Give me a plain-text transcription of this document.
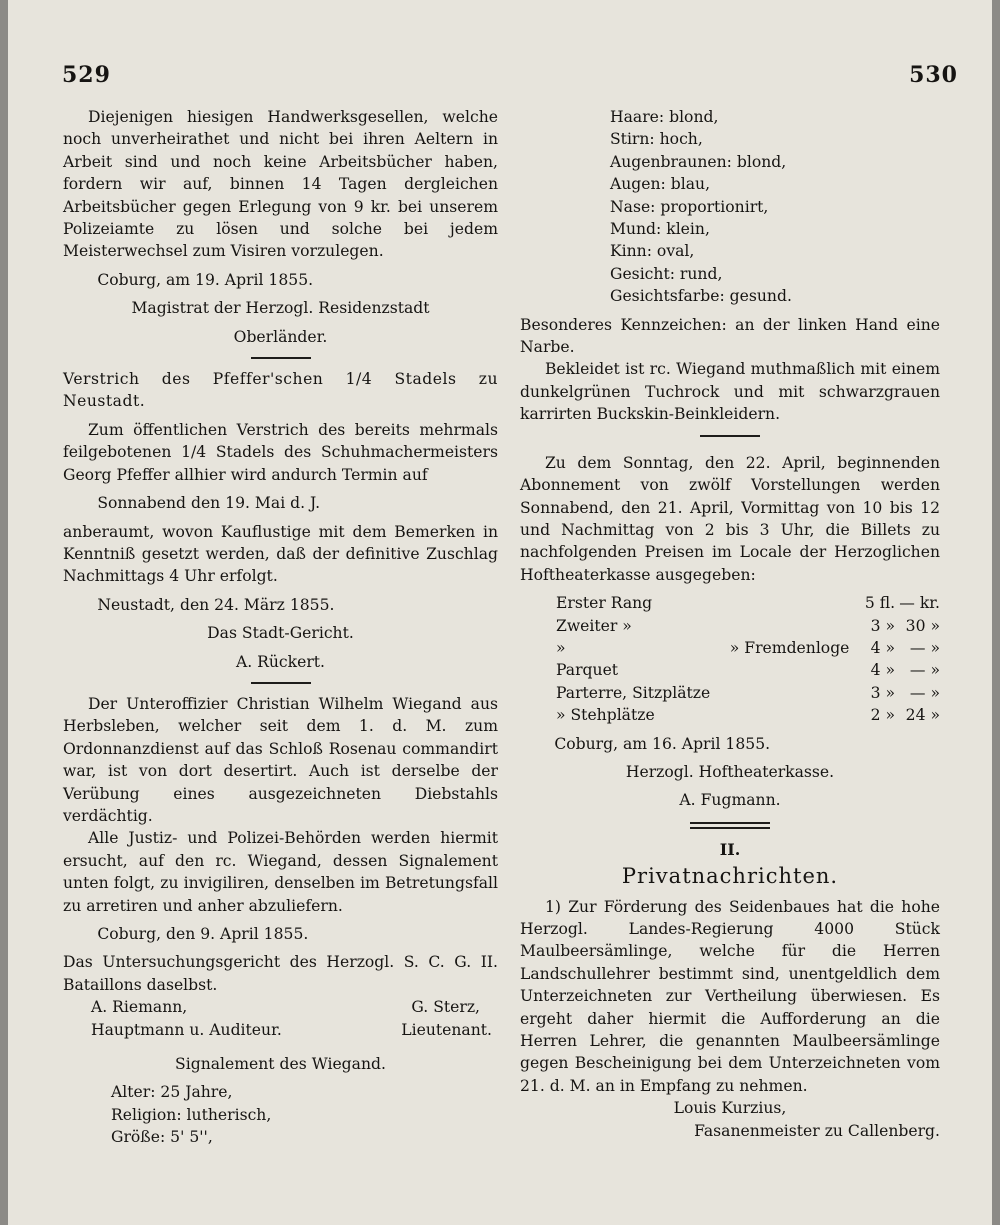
529	530

Diejenigen hiesigen Handwerksgesellen, welche noch unverheirathet und nicht bei ihren Aeltern in Arbeit sind und noch keine Arbeitsbücher haben, fordern wir auf, binnen 14 Tagen dergleichen Arbeitsbücher gegen Erlegung von 9 kr. bei unserem Polizeiamte zu lösen und solche bei jedem Meisterwechsel zum Visiren vorzulegen.

Coburg, am 19. April 1855.

Magistrat der Herzogl. Residenzstadt

Oberländer.

Verstrich des Pfeffer'schen 1/4 Stadels zu Neustadt.

Zum öffentlichen Verstrich des bereits mehrmals feilgebotenen 1/4 Stadels des Schuhmachermeisters Georg Pfeffer allhier wird andurch Termin auf

Sonnabend den 19. Mai d. J.

anberaumt, wovon Kauflustige mit dem Bemerken in Kenntniß gesetzt werden, daß der definitive Zuschlag Nachmittags 4 Uhr erfolgt.

Neustadt, den 24. März 1855.

Das Stadt-Gericht.

A. Rückert.

Der Unteroffizier Christian Wilhelm Wiegand aus Herbsleben, welcher seit dem 1. d. M. zum Ordonnanzdienst auf das Schloß Rosenau commandirt war, ist von dort desertirt. Auch ist derselbe der Verübung eines ausgezeichneten Diebstahls verdächtig.

Alle Justiz- und Polizei-Behörden werden hiermit ersucht, auf den rc. Wiegand, dessen Signalement unten folgt, zu invigiliren, denselben im Betretungsfall zu arretiren und anher abzuliefern.

Coburg, den 9. April 1855.

Das Untersuchungsgericht des Herzogl. S. C. G. II. Bataillons daselbst.

A. Riemann,	G. Sterz,
Hauptmann u. Auditeur.	Lieutenant.

Signalement des Wiegand.

Alter: 25 Jahre,
Religion: lutherisch,
Größe: 5' 5'',
Haare: blond,
Stirn: hoch,
Augenbraunen: blond,
Augen: blau,
Nase: proportionirt,
Mund: klein,
Kinn: oval,
Gesicht: rund,
Gesichtsfarbe: gesund.

Besonderes Kennzeichen: an der linken Hand eine Narbe.

Bekleidet ist rc. Wiegand muthmaßlich mit einem dunkelgrünen Tuchrock und mit schwarzgrauen karrirten Buckskin-Beinkleidern.

Zu dem Sonntag, den 22. April, beginnenden Abonnement von zwölf Vorstellungen werden Sonnabend, den 21. April, Vormittag von 10 bis 12 und Nachmittag von 2 bis 3 Uhr, die Billets zu nachfolgenden Preisen im Locale der Herzoglichen Hoftheaterkasse ausgegeben:

Erster Rang		5 fl.	— kr.
Zweiter »		3 »	30 »
»	» Fremdenloge	4 »	— »
Parquet		4 »	— »
Parterre, Sitzplätze		3 »	— »
» Stehplätze		2 »	24 »

Coburg, am 16. April 1855.

Herzogl. Hoftheaterkasse.

A. Fugmann.

II.

Privatnachrichten.

1) Zur Förderung des Seidenbaues hat die hohe Herzogl. Landes-Regierung 4000 Stück Maulbeersämlinge, welche für die Herren Landschullehrer bestimmt sind, unentgeldlich dem Unterzeichneten zur Vertheilung überwiesen. Es ergeht daher hiermit die Aufforderung an die Herren Lehrer, die genannten Maulbeersämlinge gegen Bescheinigung bei dem Unterzeichneten vom 21. d. M. an in Empfang zu nehmen.

Louis Kurzius,

Fasanenmeister zu Callenberg.
